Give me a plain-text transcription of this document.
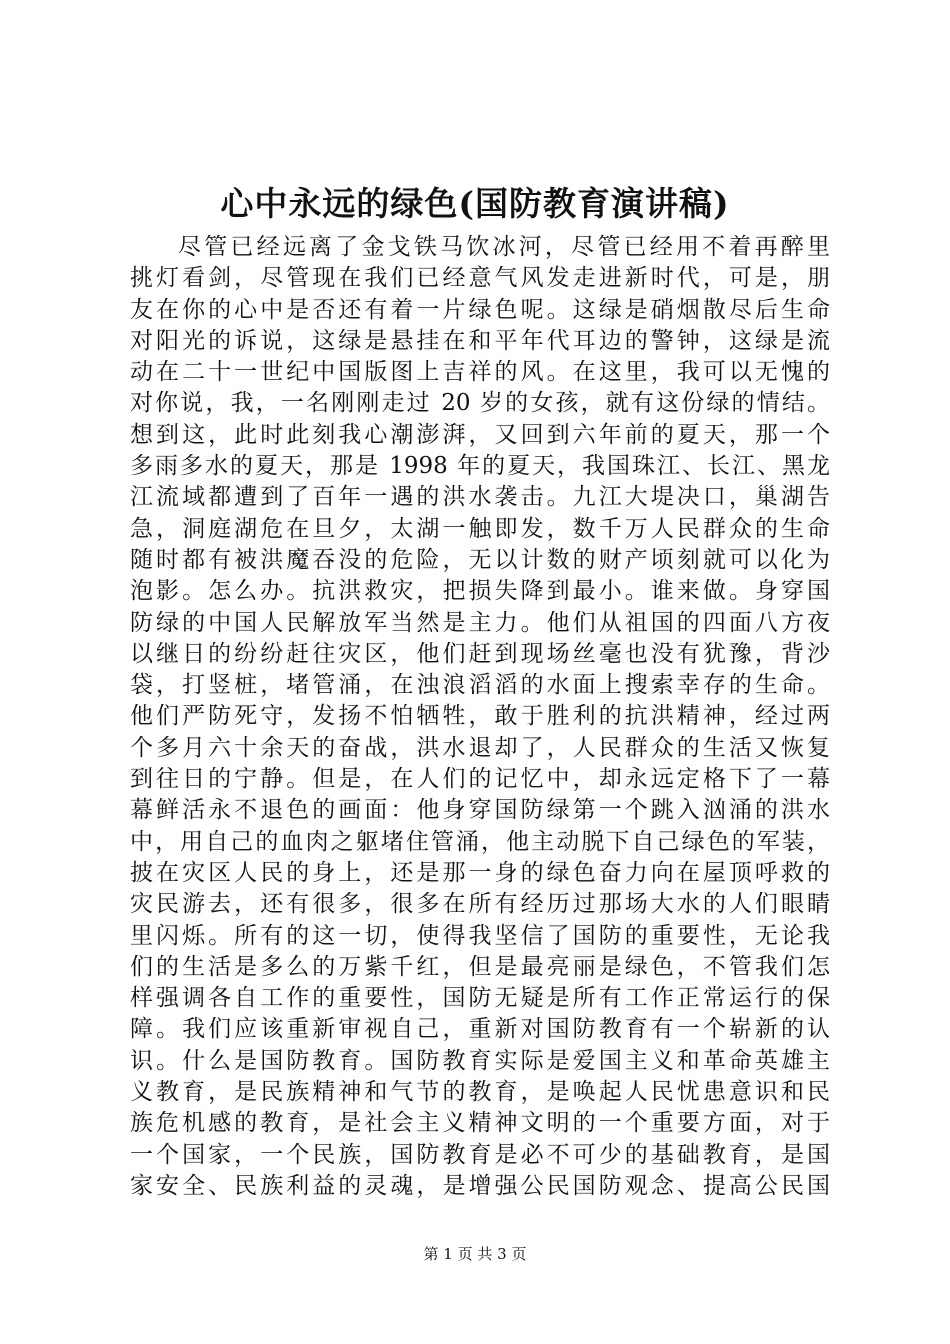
心中永远的绿色(国防教育演讲稿)
尽管已经远离了金戈铁马饮冰河，尽管已经用不着再醉里
挑灯看剑，尽管现在我们已经意气风发走进新时代，可是，朋
友在你的心中是否还有着一片绿色呢。这绿是硝烟散尽后生命
对阳光的诉说，这绿是悬挂在和平年代耳边的警钟，这绿是流
动在二十一世纪中国版图上吉祥的风。在这里，我可以无愧的
对你说，我，一名刚刚走过 20 岁的女孩，就有这份绿的情结。
想到这，此时此刻我心潮澎湃，又回到六年前的夏天，那一个
多雨多水的夏天，那是 1998 年的夏天，我国珠江、长江、黑龙
江流域都遭到了百年一遇的洪水袭击。九江大堤决口，巢湖告
急，洞庭湖危在旦夕，太湖一触即发，数千万人民群众的生命
随时都有被洪魔吞没的危险，无以计数的财产顷刻就可以化为
泡影。怎么办。抗洪救灾，把损失降到最小。谁来做。身穿国
防绿的中国人民解放军当然是主力。他们从祖国的四面八方夜
以继日的纷纷赶往灾区，他们赶到现场丝毫也没有犹豫，背沙
袋，打竖桩，堵管涌，在浊浪滔滔的水面上搜索幸存的生命。
他们严防死守，发扬不怕牺牲，敢于胜利的抗洪精神，经过两
个多月六十余天的奋战，洪水退却了，人民群众的生活又恢复
到往日的宁静。但是，在人们的记忆中，却永远定格下了一幕
幕鲜活永不退色的画面：他身穿国防绿第一个跳入汹涌的洪水
中，用自己的血肉之躯堵住管涌，他主动脱下自己绿色的军装，
披在灾区人民的身上，还是那一身的绿色奋力向在屋顶呼救的
灾民游去，还有很多，很多在所有经历过那场大水的人们眼睛
里闪烁。所有的这一切，使得我坚信了国防的重要性，无论我
们的生活是多么的万紫千红，但是最亮丽是绿色，不管我们怎
样强调各自工作的重要性，国防无疑是所有工作正常运行的保
障。我们应该重新审视自己，重新对国防教育有一个崭新的认
识。什么是国防教育。国防教育实际是爱国主义和革命英雄主
义教育，是民族精神和气节的教育，是唤起人民忧患意识和民
族危机感的教育，是社会主义精神文明的一个重要方面，对于
一个国家，一个民族，国防教育是必不可少的基础教育，是国
家安全、民族利益的灵魂，是增强公民国防观念、提高公民国
第 1 页 共 3 页
